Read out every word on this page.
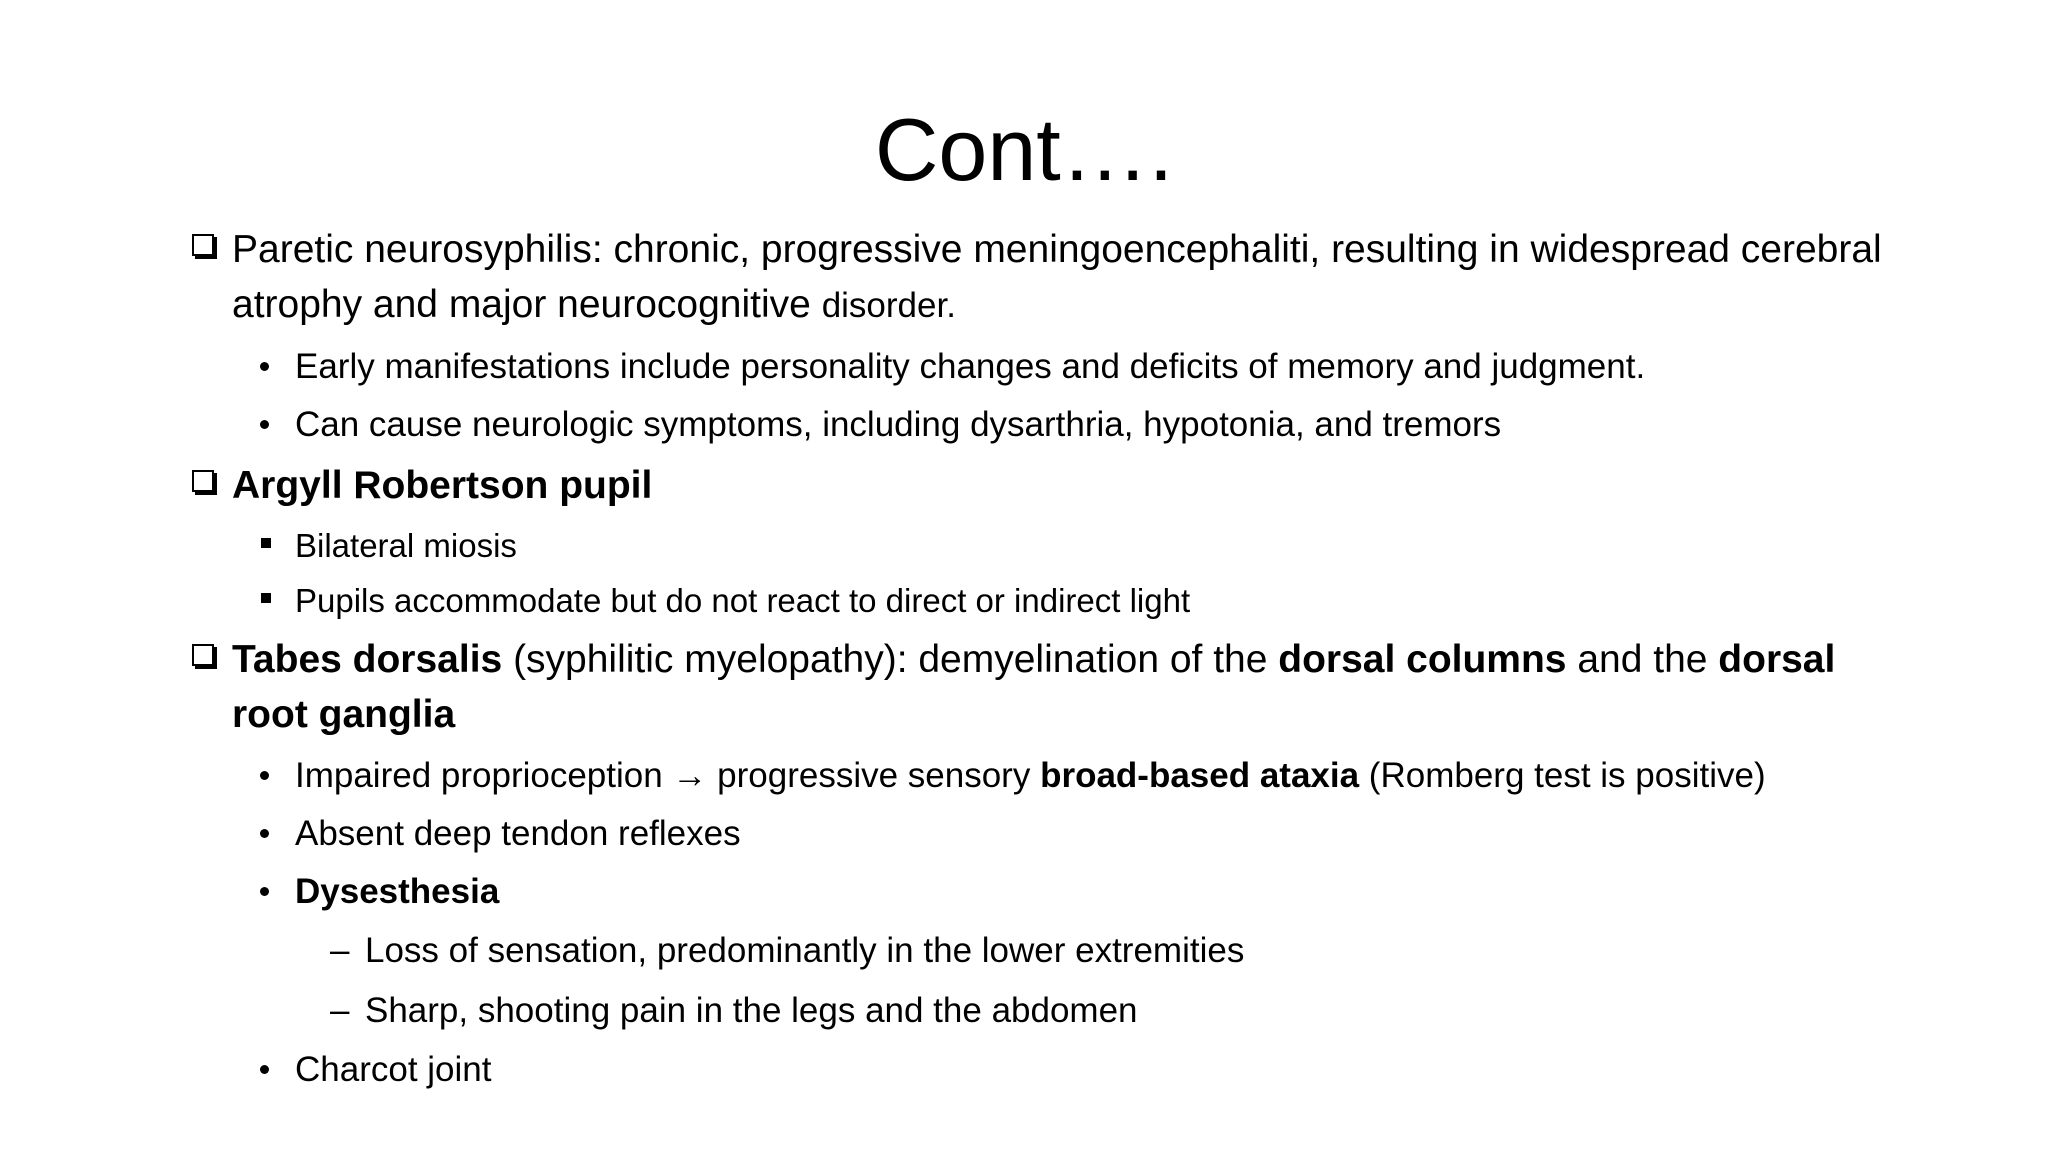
Cont….

Paretic neurosyphilis: chronic, progressive meningoencephaliti, resulting in widespread cerebral atrophy and major neurocognitive disorder.

Early manifestations include personality changes and deficits of memory and judgment.

Can cause neurologic symptoms, including dysarthria, hypotonia, and tremors

Argyll Robertson pupil

Bilateral miosis

Pupils accommodate but do not react to direct or indirect light

Tabes dorsalis (syphilitic myelopathy): demyelination of the dorsal columns and the dorsal root ganglia

Impaired proprioception → progressive sensory broad-based ataxia (Romberg test is positive)

Absent deep tendon reflexes

Dysesthesia

– Loss of sensation, predominantly in the lower extremities

– Sharp, shooting pain in the legs and the abdomen

Charcot joint
